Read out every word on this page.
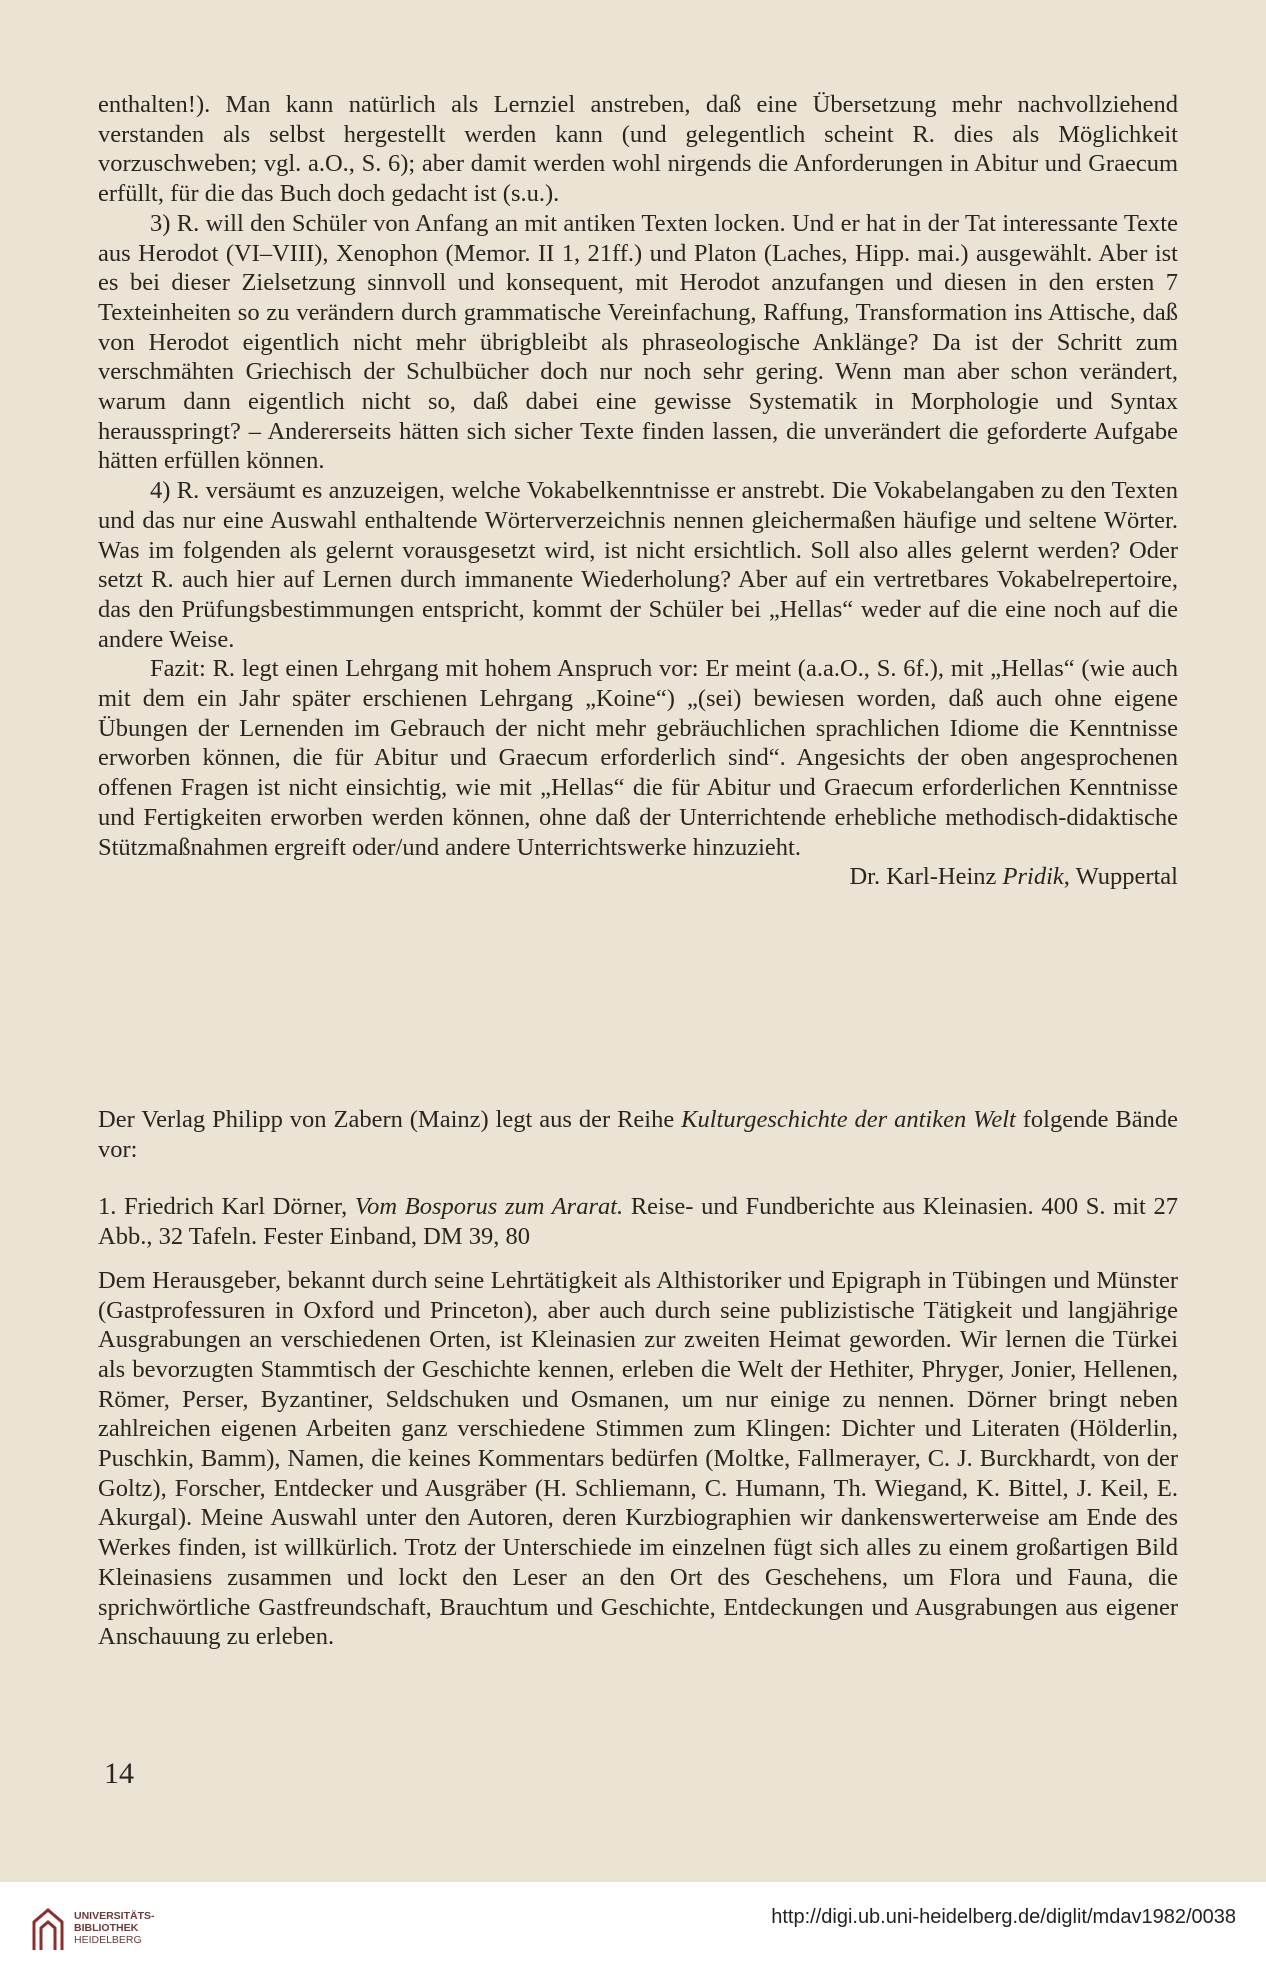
enthalten!). Man kann natürlich als Lernziel anstreben, daß eine Übersetzung mehr nachvollziehend verstanden als selbst hergestellt werden kann (und gelegentlich scheint R. dies als Möglichkeit vorzuschweben; vgl. a.O., S. 6); aber damit werden wohl nirgends die Anforderungen in Abitur und Graecum erfüllt, für die das Buch doch gedacht ist (s.u.).

3) R. will den Schüler von Anfang an mit antiken Texten locken. Und er hat in der Tat interessante Texte aus Herodot (VI–VIII), Xenophon (Memor. II 1, 21ff.) und Platon (Laches, Hipp. mai.) ausgewählt. Aber ist es bei dieser Zielsetzung sinnvoll und konsequent, mit Herodot anzufangen und diesen in den ersten 7 Texteinheiten so zu verändern durch grammatische Vereinfachung, Raffung, Transformation ins Attische, daß von Herodot eigentlich nicht mehr übrigbleibt als phraseologische Anklänge? Da ist der Schritt zum verschmähten Griechisch der Schulbücher doch nur noch sehr gering. Wenn man aber schon verändert, warum dann eigentlich nicht so, daß dabei eine gewisse Systematik in Morphologie und Syntax herausspringt? – Andererseits hätten sich sicher Texte finden lassen, die unverändert die geforderte Aufgabe hätten erfüllen können.

4) R. versäumt es anzuzeigen, welche Vokabelkenntnisse er anstrebt. Die Vokabelangaben zu den Texten und das nur eine Auswahl enthaltende Wörterverzeichnis nennen gleichermaßen häufige und seltene Wörter. Was im folgenden als gelernt vorausgesetzt wird, ist nicht ersichtlich. Soll also alles gelernt werden? Oder setzt R. auch hier auf Lernen durch immanente Wiederholung? Aber auf ein vertretbares Vokabelrepertoire, das den Prüfungsbestimmungen entspricht, kommt der Schüler bei „Hellas“ weder auf die eine noch auf die andere Weise.

Fazit: R. legt einen Lehrgang mit hohem Anspruch vor: Er meint (a.a.O., S. 6f.), mit „Hellas“ (wie auch mit dem ein Jahr später erschienen Lehrgang „Koine“) „(sei) bewiesen worden, daß auch ohne eigene Übungen der Lernenden im Gebrauch der nicht mehr gebräuchlichen sprachlichen Idiome die Kenntnisse erworben können, die für Abitur und Graecum erforderlich sind“. Angesichts der oben angesprochenen offenen Fragen ist nicht einsichtig, wie mit „Hellas“ die für Abitur und Graecum erforderlichen Kenntnisse und Fertigkeiten erworben werden können, ohne daß der Unterrichtende erhebliche methodisch-didaktische Stützmaßnahmen ergreift oder/und andere Unterrichtswerke hinzuzieht.

Dr. Karl-Heinz Pridik, Wuppertal

Der Verlag Philipp von Zabern (Mainz) legt aus der Reihe Kulturgeschichte der antiken Welt folgende Bände vor:

1. Friedrich Karl Dörner, Vom Bosporus zum Ararat. Reise- und Fundberichte aus Kleinasien. 400 S. mit 27 Abb., 32 Tafeln. Fester Einband, DM 39, 80

Dem Herausgeber, bekannt durch seine Lehrtätigkeit als Althistoriker und Epigraph in Tübingen und Münster (Gastprofessuren in Oxford und Princeton), aber auch durch seine publizistische Tätigkeit und langjährige Ausgrabungen an verschiedenen Orten, ist Kleinasien zur zweiten Heimat geworden. Wir lernen die Türkei als bevorzugten Stammtisch der Geschichte kennen, erleben die Welt der Hethiter, Phryger, Jonier, Hellenen, Römer, Perser, Byzantiner, Seldschuken und Osmanen, um nur einige zu nennen. Dörner bringt neben zahlreichen eigenen Arbeiten ganz verschiedene Stimmen zum Klingen: Dichter und Literaten (Hölderlin, Puschkin, Bamm), Namen, die keines Kommentars bedürfen (Moltke, Fallmerayer, C. J. Burckhardt, von der Goltz), Forscher, Entdecker und Ausgräber (H. Schliemann, C. Humann, Th. Wiegand, K. Bittel, J. Keil, E. Akurgal). Meine Auswahl unter den Autoren, deren Kurzbiographien wir dankenswerterweise am Ende des Werkes finden, ist willkürlich. Trotz der Unterschiede im einzelnen fügt sich alles zu einem großartigen Bild Kleinasiens zusammen und lockt den Leser an den Ort des Geschehens, um Flora und Fauna, die sprichwörtliche Gastfreundschaft, Brauchtum und Geschichte, Entdeckungen und Ausgrabungen aus eigener Anschauung zu erleben.

14
UNIVERSITÄTS-
BIBLIOTHEK
HEIDELBERG
http://digi.ub.uni-heidelberg.de/diglit/mdav1982/0038
